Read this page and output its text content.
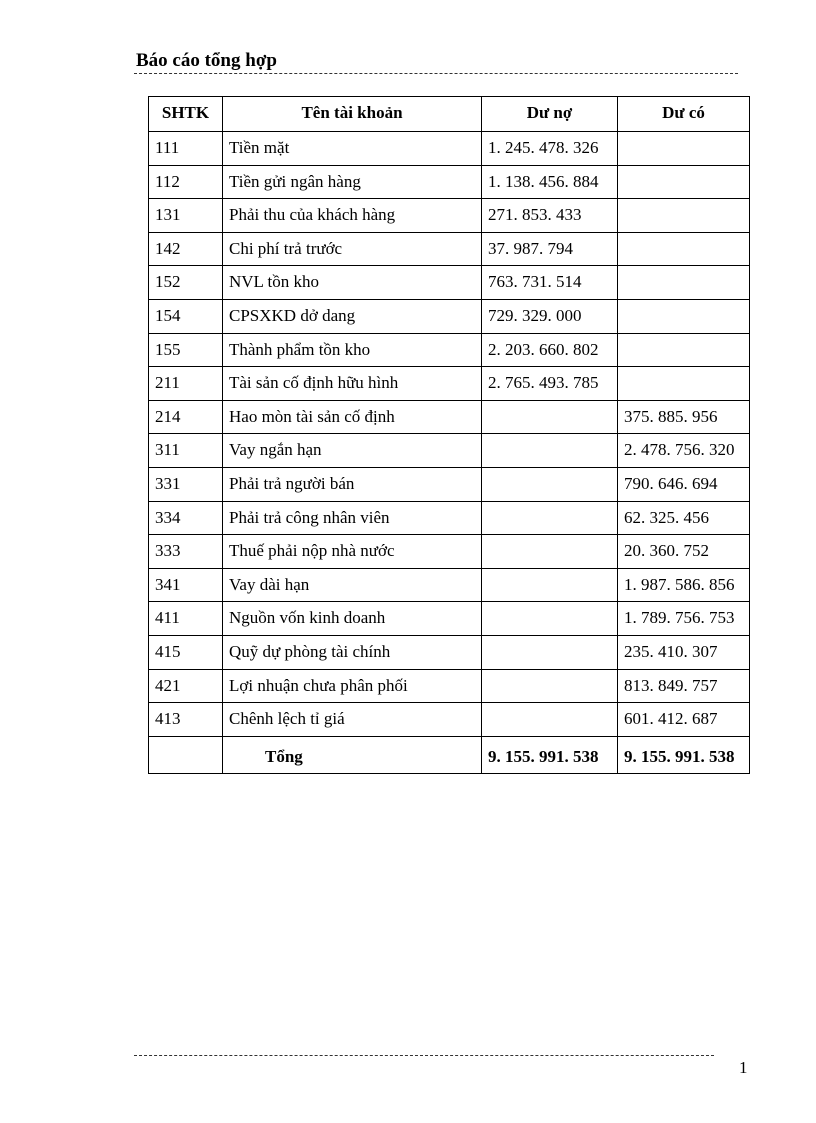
Báo cáo tổng hợp
SHTK	Tên tài khoản	Dư nợ	Dư có
111	Tiền mặt	1. 245. 478. 326	
112	Tiền gửi ngân hàng	1. 138. 456. 884	
131	Phải thu của khách hàng	271. 853. 433	
142	Chi phí trả trước	37. 987. 794	
152	NVL tồn kho	763. 731. 514	
154	CPSXKD dở dang	729. 329. 000	
155	Thành phẩm tồn kho	2. 203. 660. 802	
211	Tài sản cố định hữu hình	2. 765. 493. 785	
214	Hao mòn tài sản cố định		375. 885. 956
311	Vay ngắn hạn		2. 478. 756. 320
331	Phải trả người bán		790. 646. 694
334	Phải trả công nhân viên		62. 325. 456
333	Thuế phải nộp nhà nước		20. 360. 752
341	Vay dài hạn		1. 987. 586. 856
411	Nguồn vốn kinh doanh		1. 789. 756. 753
415	Quỹ dự phòng tài chính		235. 410. 307
421	Lợi nhuận chưa phân phối		813. 849. 757
413	Chênh lệch tỉ giá		601. 412. 687
	Tổng	9. 155. 991. 538	9. 155. 991. 538
1
